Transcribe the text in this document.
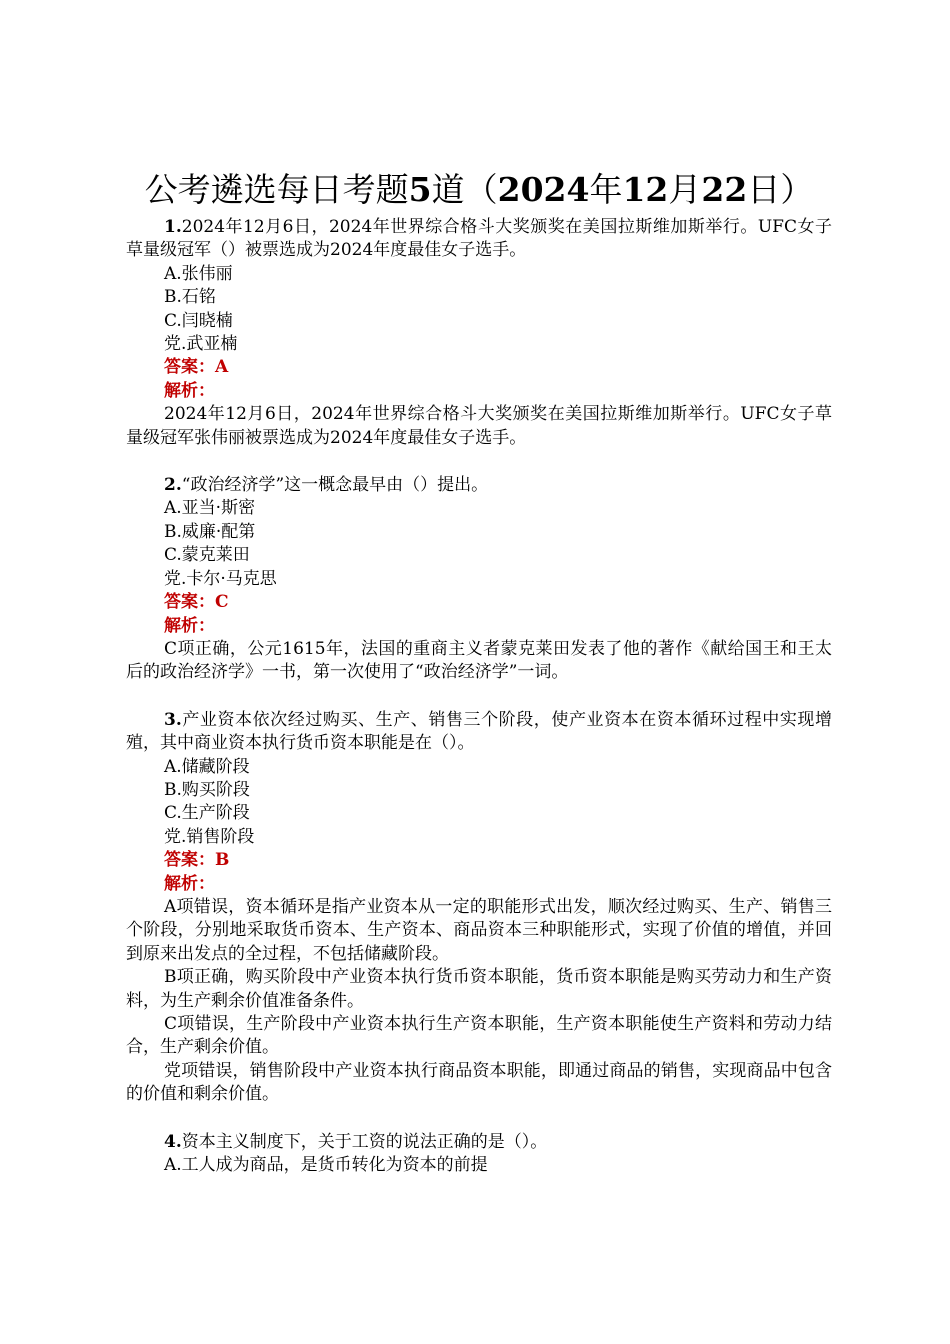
公考遴选每日考题5道（2024年12月22日）

1.2024年12月6日，2024年世界综合格斗大奖颁奖在美国拉斯维加斯举行。UFC女子草量级冠军（）被票选成为2024年度最佳女子选手。

A.张伟丽

B.石铭

C.闫晓楠

党.武亚楠

答案：A

解析：

2024年12月6日，2024年世界综合格斗大奖颁奖在美国拉斯维加斯举行。UFC女子草量级冠军张伟丽被票选成为2024年度最佳女子选手。

2.“政治经济学”这一概念最早由（）提出。

A.亚当·斯密

B.威廉·配第

C.蒙克莱田

党.卡尔·马克思

答案：C

解析：

C项正确，公元1615年，法国的重商主义者蒙克莱田发表了他的著作《献给国王和王太后的政治经济学》一书，第一次使用了“政治经济学”一词。

3.产业资本依次经过购买、生产、销售三个阶段，使产业资本在资本循环过程中实现增殖，其中商业资本执行货币资本职能是在（）。

A.储藏阶段

B.购买阶段

C.生产阶段

党.销售阶段

答案：B

解析：

A项错误，资本循环是指产业资本从一定的职能形式出发，顺次经过购买、生产、销售三个阶段，分别地采取货币资本、生产资本、商品资本三种职能形式，实现了价值的增值，并回到原来出发点的全过程，不包括储藏阶段。

B项正确，购买阶段中产业资本执行货币资本职能，货币资本职能是购买劳动力和生产资料，为生产剩余价值准备条件。

C项错误，生产阶段中产业资本执行生产资本职能，生产资本职能使生产资料和劳动力结合，生产剩余价值。

党项错误，销售阶段中产业资本执行商品资本职能，即通过商品的销售，实现商品中包含的价值和剩余价值。

4.资本主义制度下，关于工资的说法正确的是（）。

A.工人成为商品，是货币转化为资本的前提
